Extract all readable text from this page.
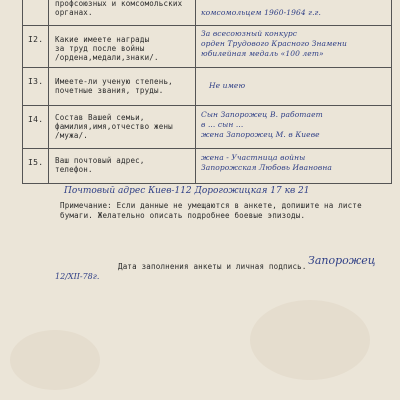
профсоюзных и комсомольских
органах.	комсомольцем 1960-1964 г.г.
I2. Какие имеете награды
за труд после войны
/ордена,медали,знаки/.
За всесоюзный конкурс
орден Трудового Красного Знамени
юбилейная медаль «100 лет»
I3. Имеете-ли ученую степень,
почетные звания, труды.
Не имею
I4. Состав Вашей семьи,
фамилия,имя,отчество жены
/мужа/.
Сын Запорожец В. работает
в ... сын ...
жена Запорожец М. в Киеве
I5. Ваш почтовый адрес,
телефон.
жена - Участница войны
Запорожская Любовь Ивановна
Почтовый адрес Киев-112 Дорогожицкая 17 кв 21
Примечание: Если данные не умещаются в анкете, допишите на листе
бумаги. Желательно описать подробнее боевые эпизоды.
Дата заполнения анкеты и личная подпись.
12/XII-78г.
Запорожец
